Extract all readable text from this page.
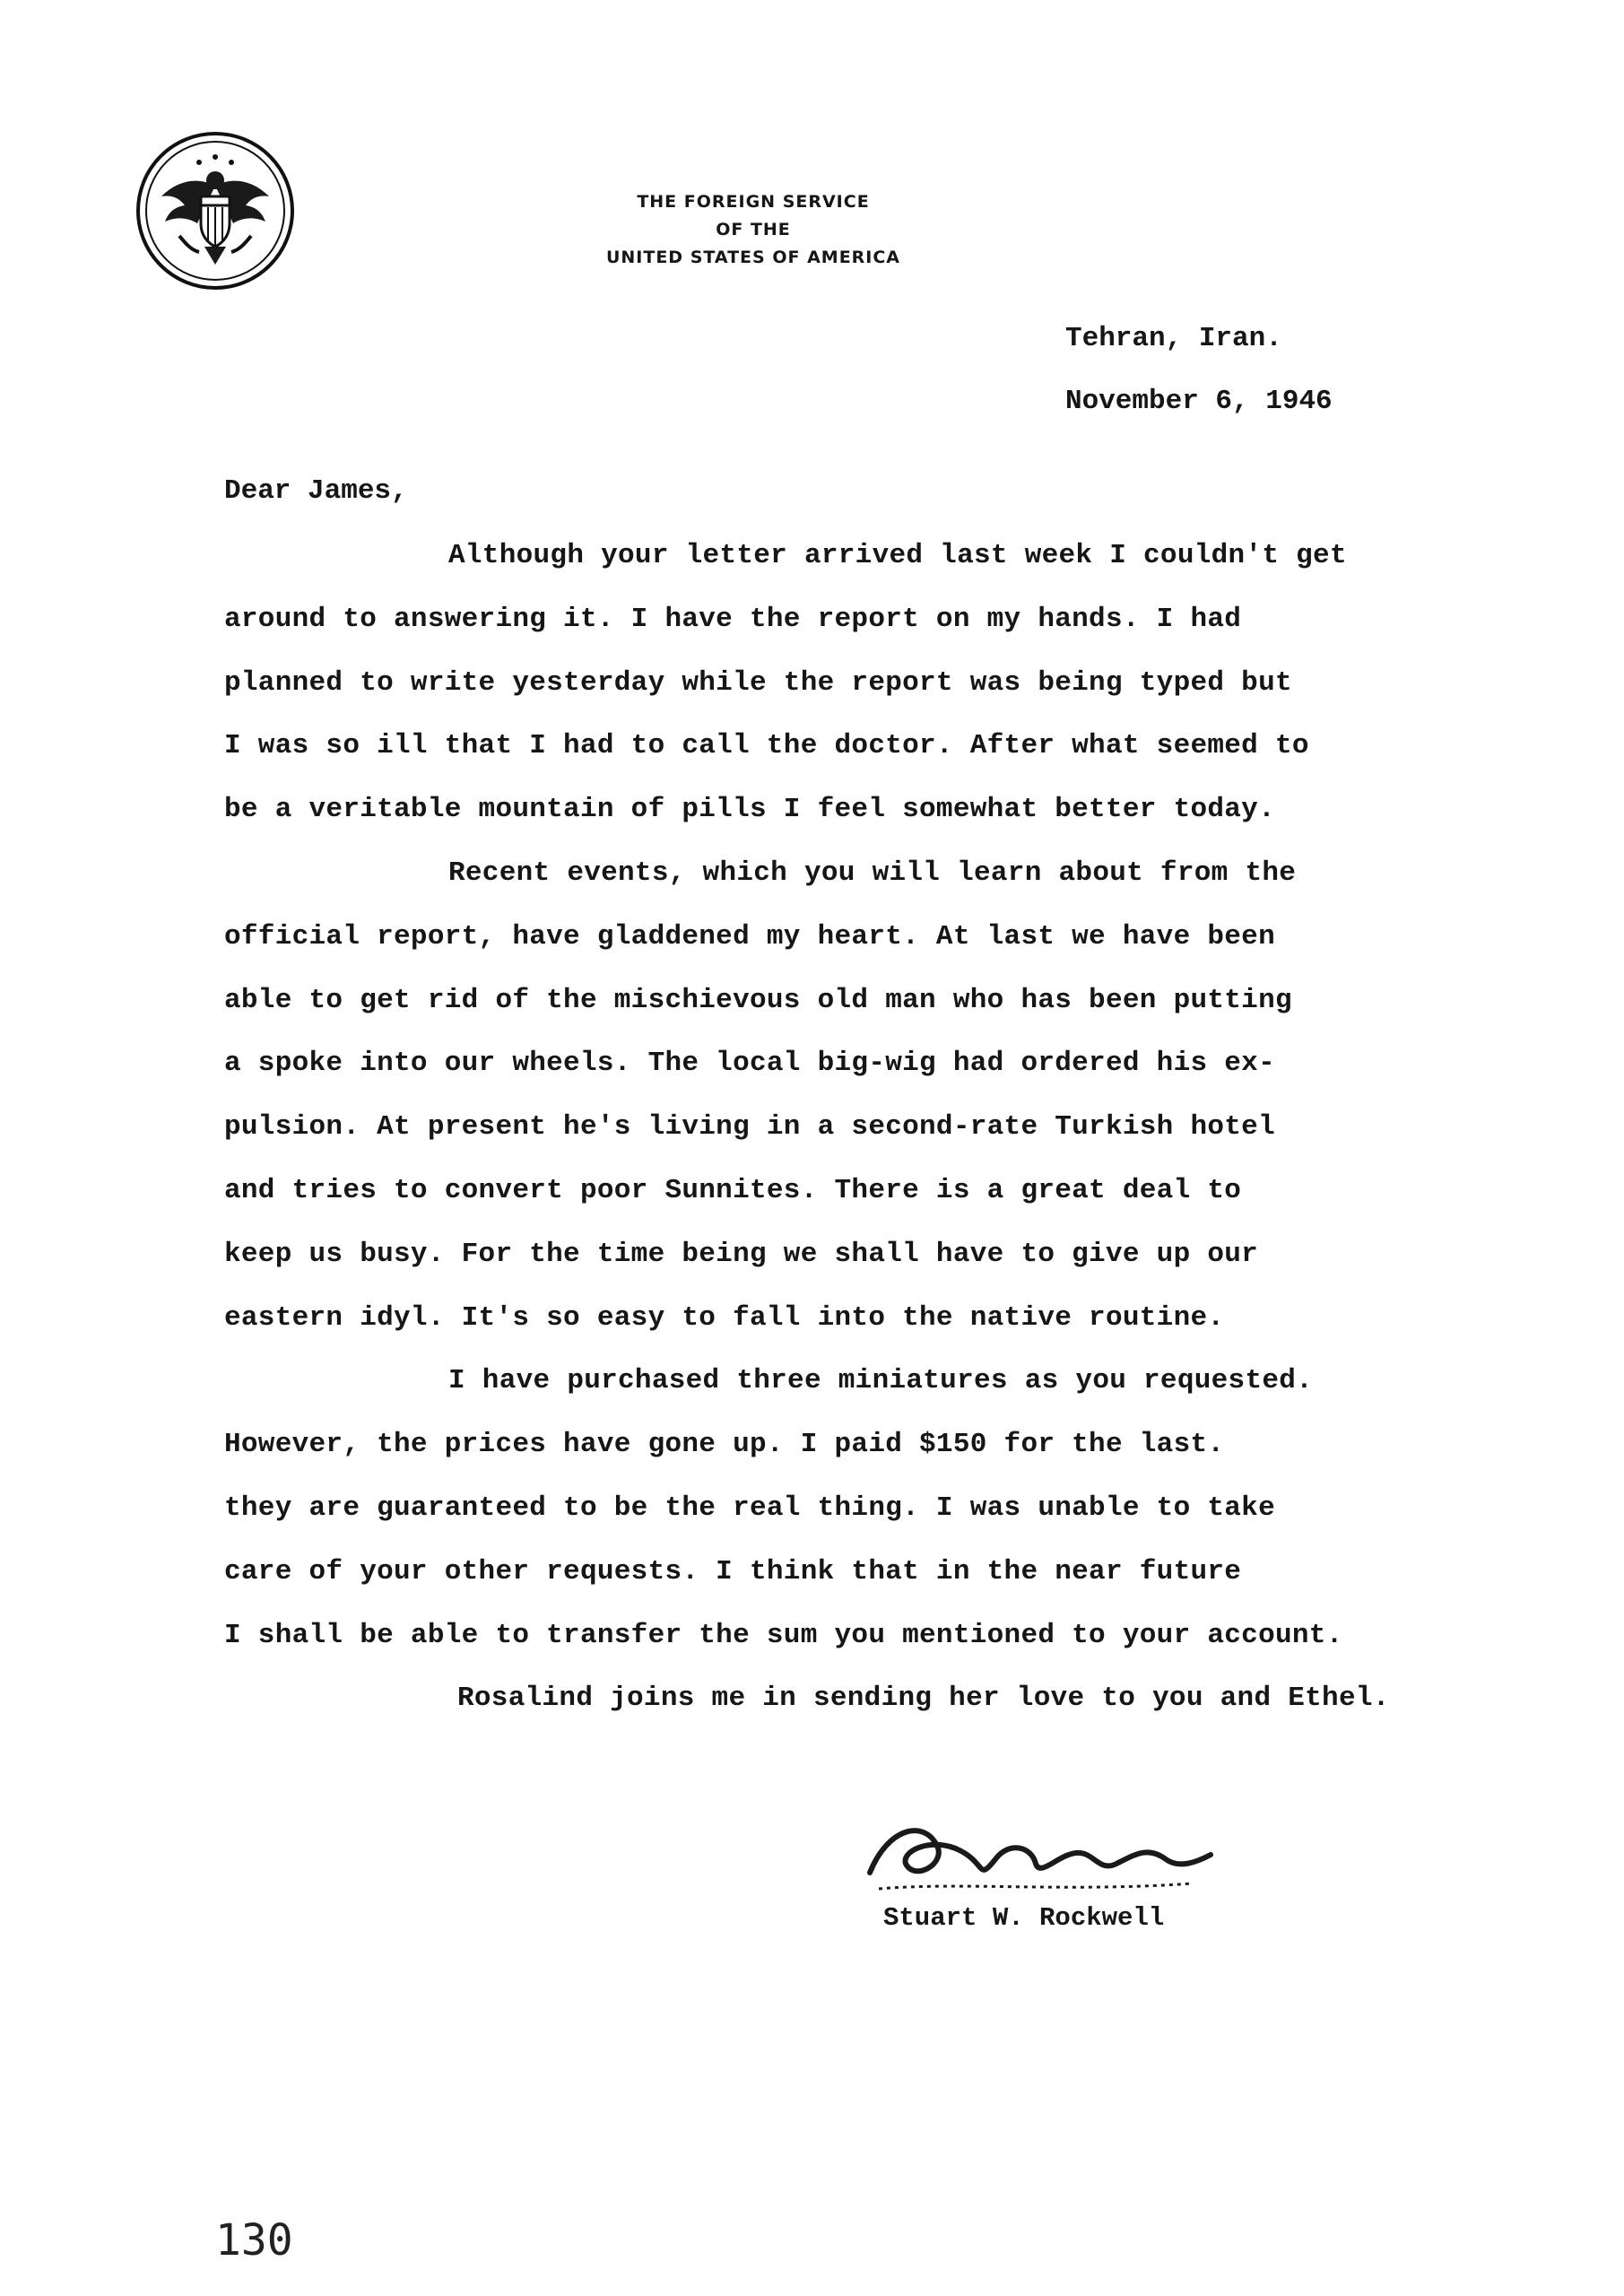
THE FOREIGN SERVICE
OF THE
UNITED STATES OF AMERICA
Tehran, Iran.
November 6, 1946
Dear James,
Although your letter arrived last week I couldn't get
around to answering it. I have the report on my hands. I had
planned to write yesterday while the report was being typed but
I was so ill that I had to call the doctor. After what seemed to
be a veritable mountain of pills I feel somewhat better today.
Recent events, which you will learn about from the
official report, have gladdened my heart. At last we have been
able to get rid of the mischievous old man who has been putting
a spoke into our wheels. The local big-wig had ordered his ex-
pulsion. At present he's living in a second-rate Turkish hotel
and tries to convert poor Sunnites. There is a great deal to
keep us busy. For the time being we shall have to give up our
eastern idyl. It's so easy to fall into the native routine.
I have purchased three miniatures as you requested.
However, the prices have gone up. I paid $150 for the last.
they are guaranteed to be the real thing. I was unable to take
care of your other requests. I think that in the near future
I shall be able to transfer the sum you mentioned to your account.
Rosalind joins me in sending her love to you and Ethel.
Stuart W. Rockwell
130
